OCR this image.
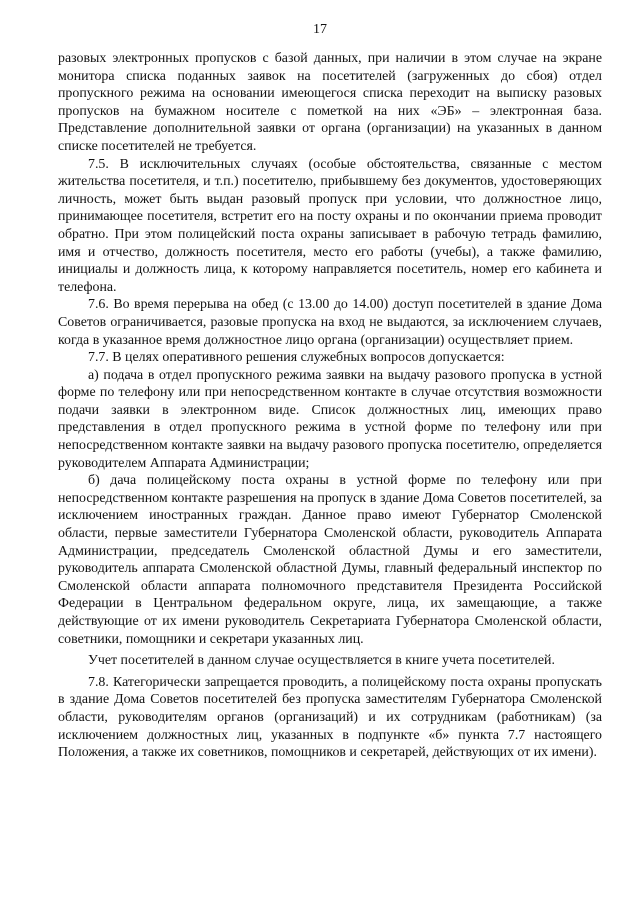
17

разовых электронных пропусков с базой данных, при наличии в этом случае на экране монитора списка поданных заявок на посетителей (загруженных до сбоя) отдел пропускного режима на основании имеющегося списка переходит на выписку разовых пропусков на бумажном носителе с пометкой на них «ЭБ» – электронная база. Представление дополнительной заявки от органа (организации) на указанных в данном списке посетителей не требуется.

7.5. В исключительных случаях (особые обстоятельства, связанные с местом жительства посетителя, и т.п.) посетителю, прибывшему без документов, удостоверяющих личность, может быть выдан разовый пропуск при условии, что должностное лицо, принимающее посетителя, встретит его на посту охраны и по окончании приема проводит обратно. При этом полицейский поста охраны записывает в рабочую тетрадь фамилию, имя и отчество, должность посетителя, место его работы (учебы), а также фамилию, инициалы и должность лица, к которому направляется посетитель, номер его кабинета и телефона.

7.6. Во время перерыва на обед (с 13.00 до 14.00) доступ посетителей в здание Дома Советов ограничивается, разовые пропуска на вход не выдаются, за исключением случаев, когда в указанное время должностное лицо органа (организации) осуществляет прием.

7.7. В целях оперативного решения служебных вопросов допускается:

а) подача в отдел пропускного режима заявки на выдачу разового пропуска в устной форме по телефону или при непосредственном контакте в случае отсутствия возможности подачи заявки в электронном виде. Список должностных лиц, имеющих право представления в отдел пропускного режима в устной форме по телефону или при непосредственном контакте заявки на выдачу разового пропуска посетителю, определяется руководителем Аппарата Администрации;

б) дача полицейскому поста охраны в устной форме по телефону или при непосредственном контакте разрешения на пропуск в здание Дома Советов посетителей, за исключением иностранных граждан. Данное право имеют Губернатор Смоленской области, первые заместители Губернатора Смоленской области, руководитель Аппарата Администрации, председатель Смоленской областной Думы и его заместители, руководитель аппарата Смоленской областной Думы, главный федеральный инспектор по Смоленской области аппарата полномочного представителя Президента Российской Федерации в Центральном федеральном округе, лица, их замещающие, а также действующие от их имени руководитель Секретариата Губернатора Смоленской области, советники, помощники и секретари указанных лиц.

Учет посетителей в данном случае осуществляется в книге учета посетителей.

7.8. Категорически запрещается проводить, а полицейскому поста охраны пропускать в здание Дома Советов посетителей без пропуска заместителям Губернатора Смоленской области, руководителям органов (организаций) и их сотрудникам (работникам) (за исключением должностных лиц, указанных в подпункте «б» пункта 7.7 настоящего Положения, а также их советников, помощников и секретарей, действующих от их имени).
